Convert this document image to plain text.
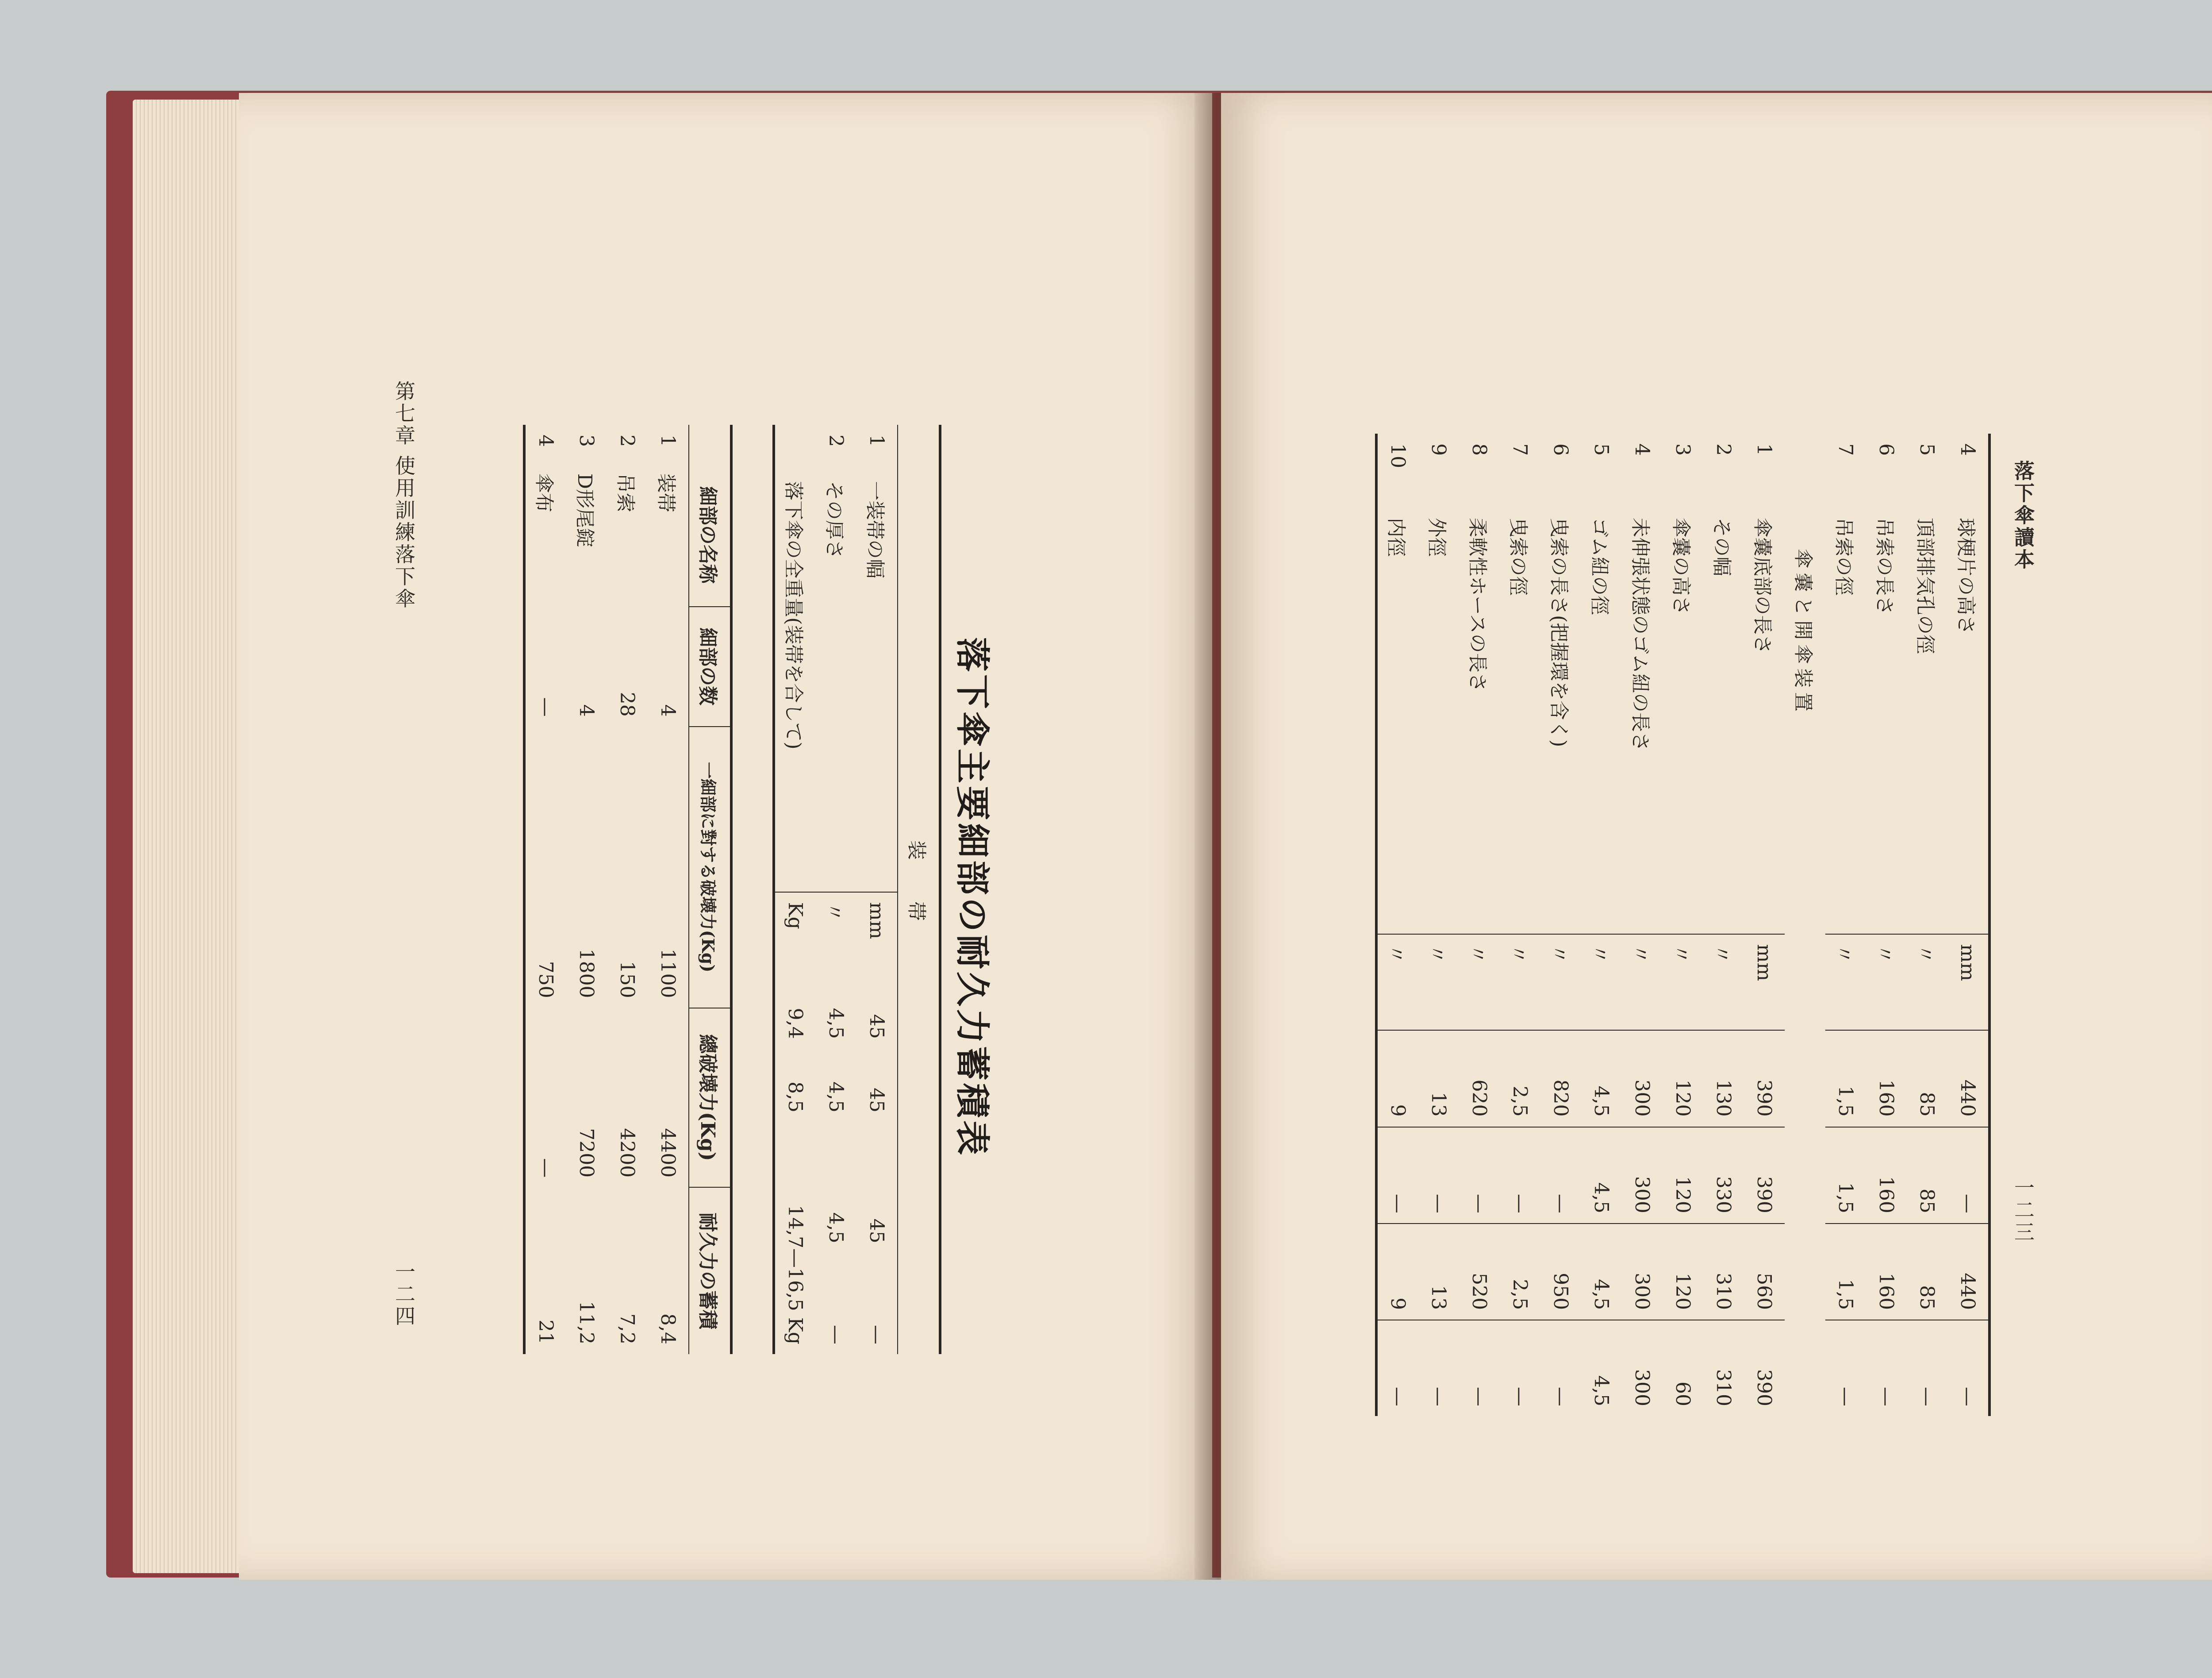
第七章 使用訓練落下傘
一二四
落下傘主要細部の耐久力蓄積表
装 帯						
1	一装帯の幅	mm	45	45	45	—
2	その厚さ	〃	4,5	4,5	4,5	—
	落下傘の全重量(装帯を合して)	Kg	9,4	8,5	14,7—16,5 Kg	
	細部の名称	細部の数	一細部に對する破壊力(Kg)	總破壊力(Kg)	耐久力の蓄積
1	装帯	4	1100	4400	8,4
2	吊索	28	150	4200	7,2
3	D形尾錠	4	1800	7200	11,2
4	傘布	—	750	—	21
落下傘讀本
一二三
4	球梗片の高さ	mm	440	—	440	—
5	頂部排気孔の徑	〃	85	85	85	—
6	吊索の長さ	〃	160	160	160	—
7	吊索の徑	〃	1,5	1,5	1,5	—
傘嚢と開傘装置						
1	傘嚢底部の長さ	mm	390	390	560	390
2	その幅	〃	130	330	310	310
3	傘嚢の高さ	〃	120	120	120	60
4	未伸張状態のゴム紐の長さ	〃	300	300	300	300
5	ゴム紐の徑	〃	4,5	4,5	4,5	4,5
6	曳索の長さ(把握環を含く)	〃	820	—	950	—
7	曳索の徑	〃	2,5	—	2,5	—
8	柔軟性ホースの長さ	〃	620	—	520	—
9	外徑	〃	13	—	13	—
10	内徑	〃	9	—	9	—
